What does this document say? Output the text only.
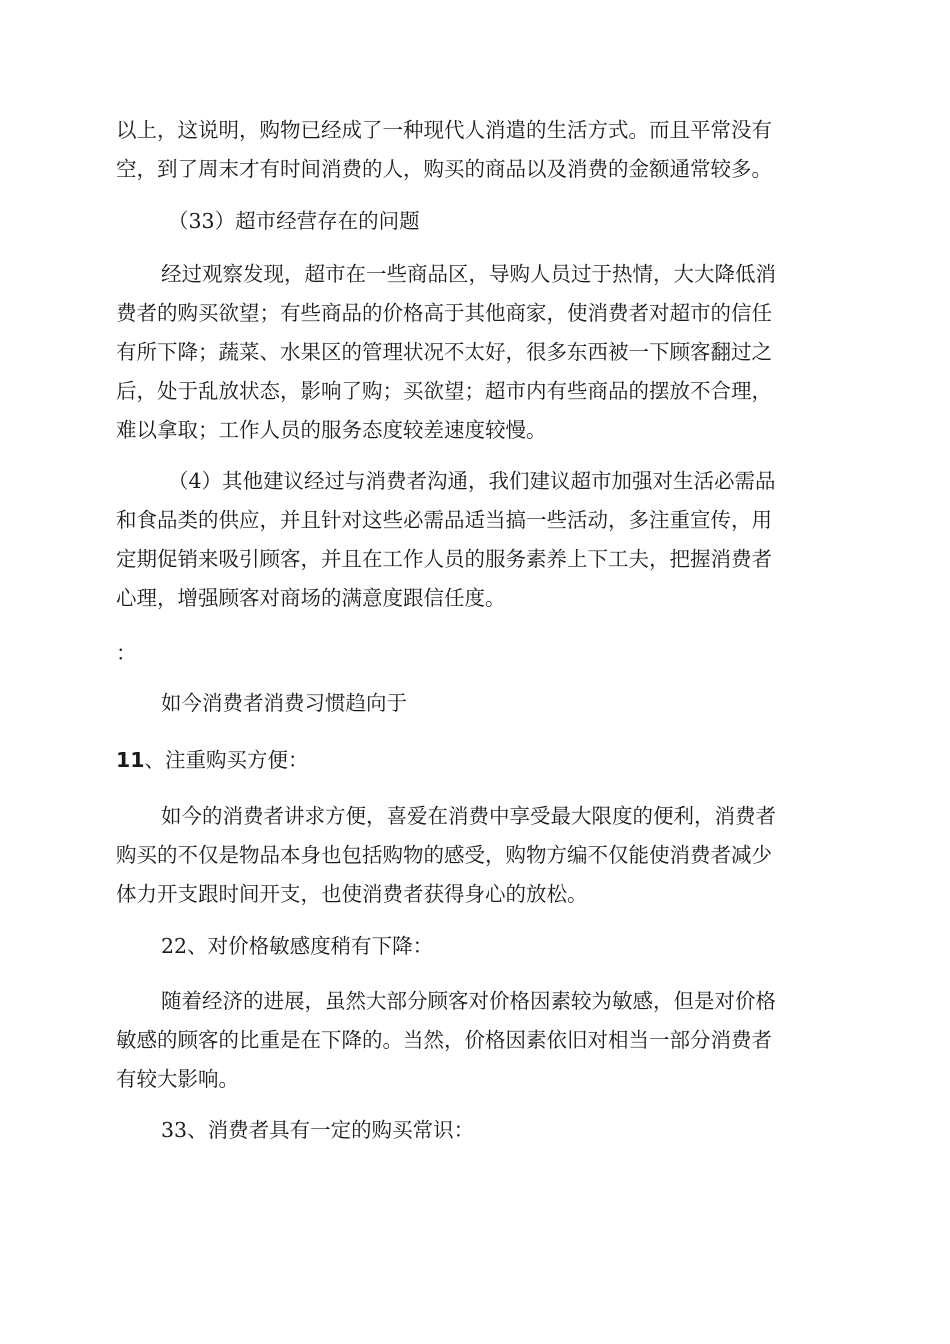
以上，这说明，购物已经成了一种现代人消遣的生活方式。而且平常没有
空，到了周末才有时间消费的人，购买的商品以及消费的金额通常较多。
（33）超市经营存在的问题
经过观察发现，超市在一些商品区，导购人员过于热情，大大降低消
费者的购买欲望；有些商品的价格高于其他商家，使消费者对超市的信任
有所下降；蔬菜、水果区的管理状况不太好，很多东西被一下顾客翻过之
后，处于乱放状态，影响了购；买欲望；超市内有些商品的摆放不合理，
难以拿取；工作人员的服务态度较差速度较慢。
（4）其他建议经过与消费者沟通，我们建议超市加强对生活必需品
和食品类的供应，并且针对这些必需品适当搞一些活动，多注重宣传，用
定期促销来吸引顾客，并且在工作人员的服务素养上下工夫，把握消费者
心理，增强顾客对商场的满意度跟信任度。
：
如今消费者消费习惯趋向于
11、注重购买方便：
如今的消费者讲求方便，喜爱在消费中享受最大限度的便利，消费者
购买的不仅是物品本身也包括购物的感受，购物方编不仅能使消费者减少
体力开支跟时间开支，也使消费者获得身心的放松。
22、对价格敏感度稍有下降：
随着经济的进展，虽然大部分顾客对价格因素较为敏感，但是对价格
敏感的顾客的比重是在下降的。当然，价格因素依旧对相当一部分消费者
有较大影响。
33、消费者具有一定的购买常识：
